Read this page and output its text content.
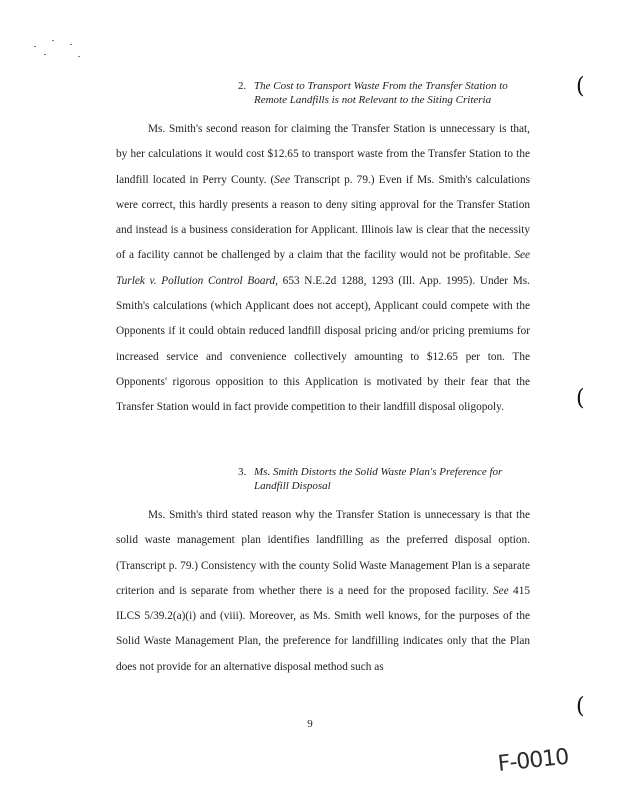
2. The Cost to Transport Waste From the Transfer Station to
Remote Landfills is not Relevant to the Siting Criteria

Ms. Smith's second reason for claiming the Transfer Station is unnecessary is that, by her calculations it would cost $12.65 to transport waste from the Transfer Station to the landfill located in Perry County. (See Transcript p. 79.) Even if Ms. Smith's calculations were correct, this hardly presents a reason to deny siting approval for the Transfer Station and instead is a business consideration for Applicant. Illinois law is clear that the necessity of a facility cannot be challenged by a claim that the facility would not be profitable. See Turlek v. Pollution Control Board, 653 N.E.2d 1288, 1293 (Ill. App. 1995). Under Ms. Smith's calculations (which Applicant does not accept), Applicant could compete with the Opponents if it could obtain reduced landfill disposal pricing and/or pricing premiums for increased service and convenience collectively amounting to $12.65 per ton. The Opponents' rigorous opposition to this Application is motivated by their fear that the Transfer Station would in fact provide competition to their landfill disposal oligopoly.

3. Ms. Smith Distorts the Solid Waste Plan's Preference for
Landfill Disposal

Ms. Smith's third stated reason why the Transfer Station is unnecessary is that the solid waste management plan identifies landfilling as the preferred disposal option. (Transcript p. 79.) Consistency with the county Solid Waste Management Plan is a separate criterion and is separate from whether there is a need for the proposed facility. See 415 ILCS 5/39.2(a)(i) and (viii). Moreover, as Ms. Smith well knows, for the purposes of the Solid Waste Management Plan, the preference for landfilling indicates only that the Plan does not provide for an alternative disposal method such as

(
(
(
9
F-0010
